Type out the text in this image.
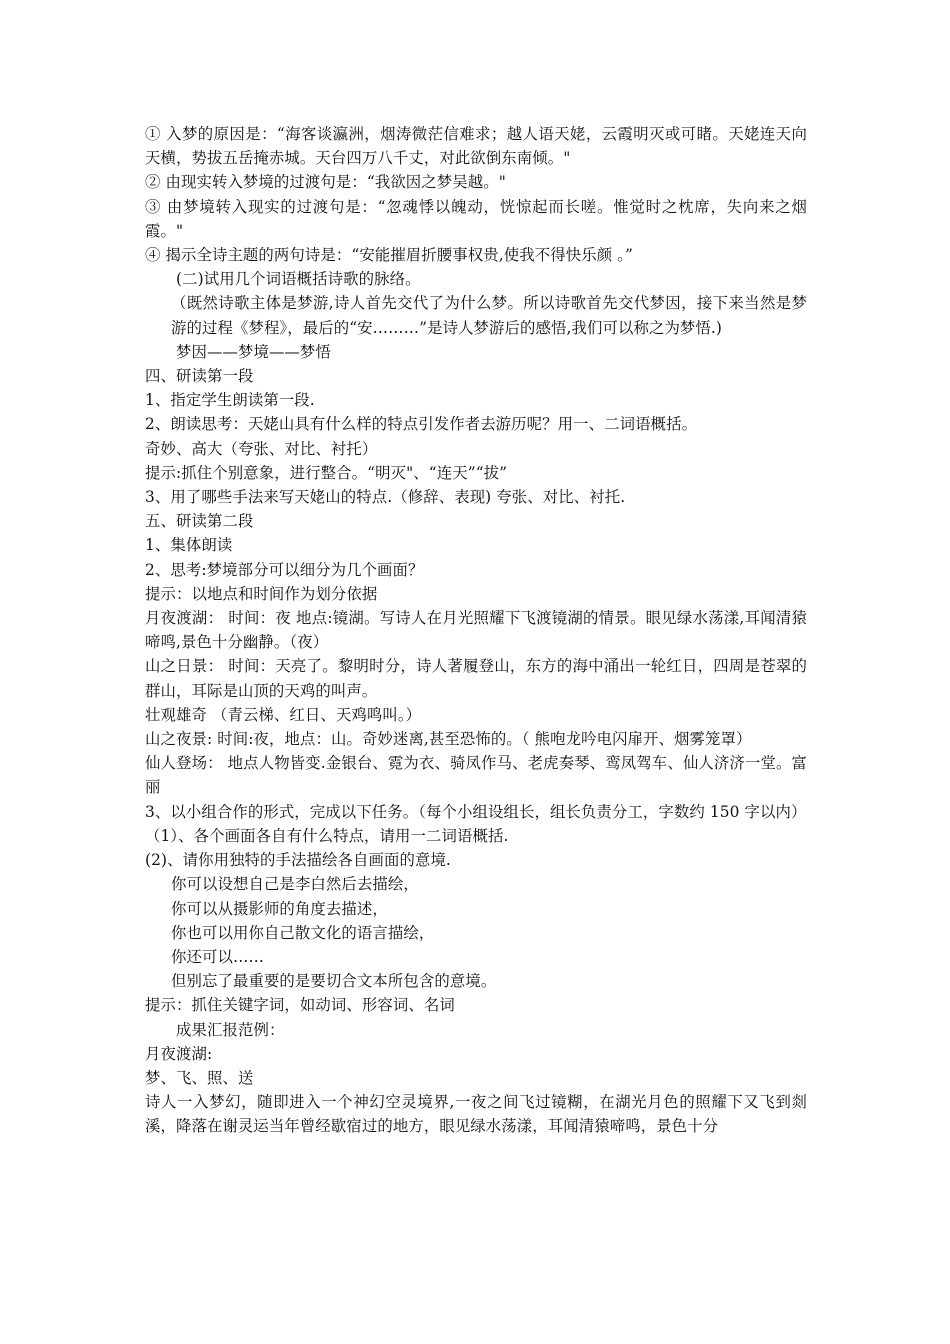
① 入梦的原因是：“海客谈瀛洲，烟涛微茫信难求；越人语天姥，云霞明灭或可睹。天姥连天向天横，势拔五岳掩赤城。天台四万八千丈，对此欲倒东南倾。"
② 由现实转入梦境的过渡句是：“我欲因之梦吴越。"
③ 由梦境转入现实的过渡句是：“忽魂悸以魄动，恍惊起而长嗟。惟觉时之枕席，失向来之烟霞。"
④ 揭示全诗主题的两句诗是：“安能摧眉折腰事权贵,使我不得快乐颜 。”
(二)试用几个词语概括诗歌的脉络。
（既然诗歌主体是梦游,诗人首先交代了为什么梦。所以诗歌首先交代梦因，接下来当然是梦游的过程《梦程》，最后的“安………”是诗人梦游后的感悟,我们可以称之为梦悟.)
梦因——梦境——梦悟
四、研读第一段
1、指定学生朗读第一段.
2、朗读思考：天姥山具有什么样的特点引发作者去游历呢？用一、二词语概括。
奇妙、高大（夸张、对比、衬托）
提示:抓住个别意象，进行整合。“明灭"、“连天”“拔”
3、用了哪些手法来写天姥山的特点.（修辞、表现) 夸张、对比、衬托.
五、研读第二段
1、集体朗读
2、思考:梦境部分可以细分为几个画面？
提示：以地点和时间作为划分依据
月夜渡湖： 时间：夜 地点:镜湖。写诗人在月光照耀下飞渡镜湖的情景。眼见绿水荡漾,耳闻清猿啼鸣,景色十分幽静。（夜）
山之日景： 时间：天亮了。黎明时分，诗人著履登山，东方的海中涌出一轮红日，四周是苍翠的群山，耳际是山顶的天鸡的叫声。
壮观雄奇 （青云梯、红日、天鸡鸣叫。）
山之夜景: 时间:夜，地点：山。奇妙迷离,甚至恐怖的。（ 熊咆龙吟电闪扉开、烟雾笼罩）
仙人登场： 地点人物皆变.金银台、霓为衣、骑凤作马、老虎奏琴、鸾凤驾车、仙人济济一堂。富丽
3、以小组合作的形式，完成以下任务。（每个小组设组长，组长负责分工，字数约 150 字以内）
（1）、各个画面各自有什么特点，请用一二词语概括.
(2)、请你用独特的手法描绘各自画面的意境.
你可以设想自己是李白然后去描绘，
你可以从摄影师的角度去描述，
你也可以用你自己散文化的语言描绘，
你还可以……
但别忘了最重要的是要切合文本所包含的意境。
提示：抓住关键字词，如动词、形容词、名词
成果汇报范例：
月夜渡湖:
梦、飞、照、送
诗人一入梦幻，随即进入一个神幻空灵境界,一夜之间飞过镜糊，在湖光月色的照耀下又飞到剡溪，降落在谢灵运当年曾经歇宿过的地方，眼见绿水荡漾，耳闻清猿啼鸣，景色十分
